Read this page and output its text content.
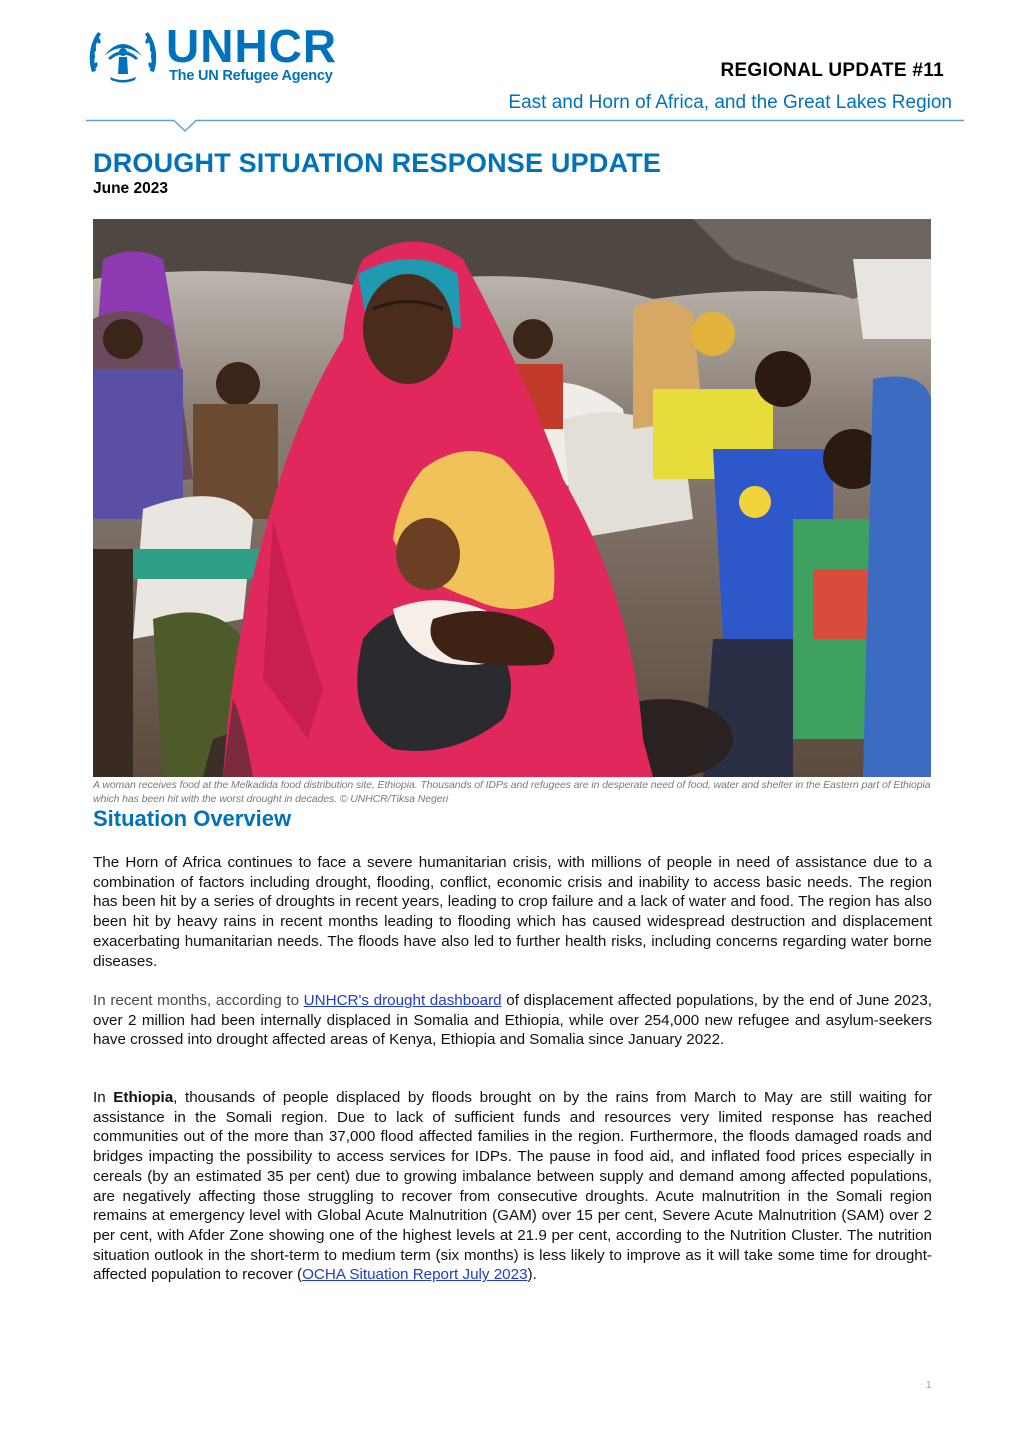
UNHCR
The UN Refugee Agency	REGIONAL UPDATE #11
East and Horn of Africa, and the Great Lakes Region
DROUGHT SITUATION RESPONSE UPDATE
June 2023
A woman receives food at the Melkadida food distribution site, Ethiopia. Thousands of IDPs and refugees are in desperate need of food, water and shelter in the Eastern part of Ethiopia which has been hit with the worst drought in decades. © UNHCR/Tiksa Negeri
Situation Overview
The Horn of Africa continues to face a severe humanitarian crisis, with millions of people in need of assistance due to a combination of factors including drought, flooding, conflict, economic crisis and inability to access basic needs. The region has been hit by a series of droughts in recent years, leading to crop failure and a lack of water and food. The region has also been hit by heavy rains in recent months leading to flooding which has caused widespread destruction and displacement exacerbating humanitarian needs. The floods have also led to further health risks, including concerns regarding water borne diseases.
In recent months, according to UNHCR's drought dashboard of displacement affected populations, by the end of June 2023, over 2 million had been internally displaced in Somalia and Ethiopia, while over 254,000 new refugee and asylum-seekers have crossed into drought affected areas of Kenya, Ethiopia and Somalia since January 2022.
In Ethiopia, thousands of people displaced by floods brought on by the rains from March to May are still waiting for assistance in the Somali region. Due to lack of sufficient funds and resources very limited response has reached communities out of the more than 37,000 flood affected families in the region. Furthermore, the floods damaged roads and bridges impacting the possibility to access services for IDPs. The pause in food aid, and inflated food prices especially in cereals (by an estimated 35 per cent) due to growing imbalance between supply and demand among affected populations, are negatively affecting those struggling to recover from consecutive droughts. Acute malnutrition in the Somali region remains at emergency level with Global Acute Malnutrition (GAM) over 15 per cent, Severe Acute Malnutrition (SAM) over 2 per cent, with Afder Zone showing one of the highest levels at 21.9 per cent, according to the Nutrition Cluster. The nutrition situation outlook in the short-term to medium term (six months) is less likely to improve as it will take some time for drought-affected population to recover (OCHA Situation Report July 2023).
1
